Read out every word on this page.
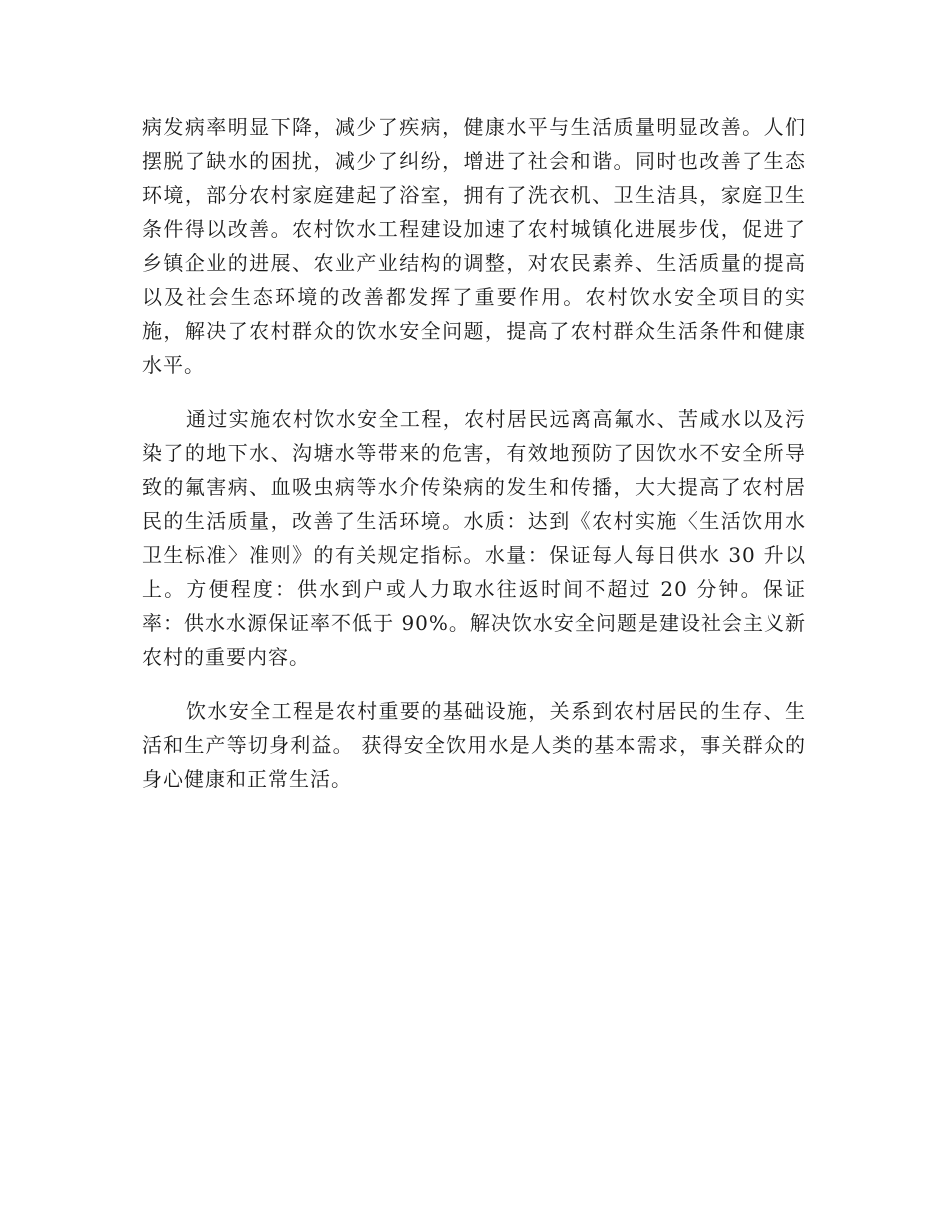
病发病率明显下降，减少了疾病，健康水平与生活质量明显改善。人们摆脱了缺水的困扰，减少了纠纷，增进了社会和谐。同时也改善了生态环境，部分农村家庭建起了浴室，拥有了洗衣机、卫生洁具，家庭卫生条件得以改善。农村饮水工程建设加速了农村城镇化进展步伐，促进了乡镇企业的进展、农业产业结构的调整，对农民素养、生活质量的提高以及社会生态环境的改善都发挥了重要作用。农村饮水安全项目的实施，解决了农村群众的饮水安全问题，提高了农村群众生活条件和健康水平。

通过实施农村饮水安全工程，农村居民远离高氟水、苦咸水以及污染了的地下水、沟塘水等带来的危害，有效地预防了因饮水不安全所导致的氟害病、血吸虫病等水介传染病的发生和传播，大大提高了农村居民的生活质量，改善了生活环境。水质：达到《农村实施〈生活饮用水卫生标准〉准则》的有关规定指标。水量：保证每人每日供水 30 升以上。方便程度：供水到户或人力取水往返时间不超过 20 分钟。保证率：供水水源保证率不低于 90%。解决饮水安全问题是建设社会主义新农村的重要内容。

饮水安全工程是农村重要的基础设施，关系到农村居民的生存、生活和生产等切身利益。 获得安全饮用水是人类的基本需求，事关群众的身心健康和正常生活。
